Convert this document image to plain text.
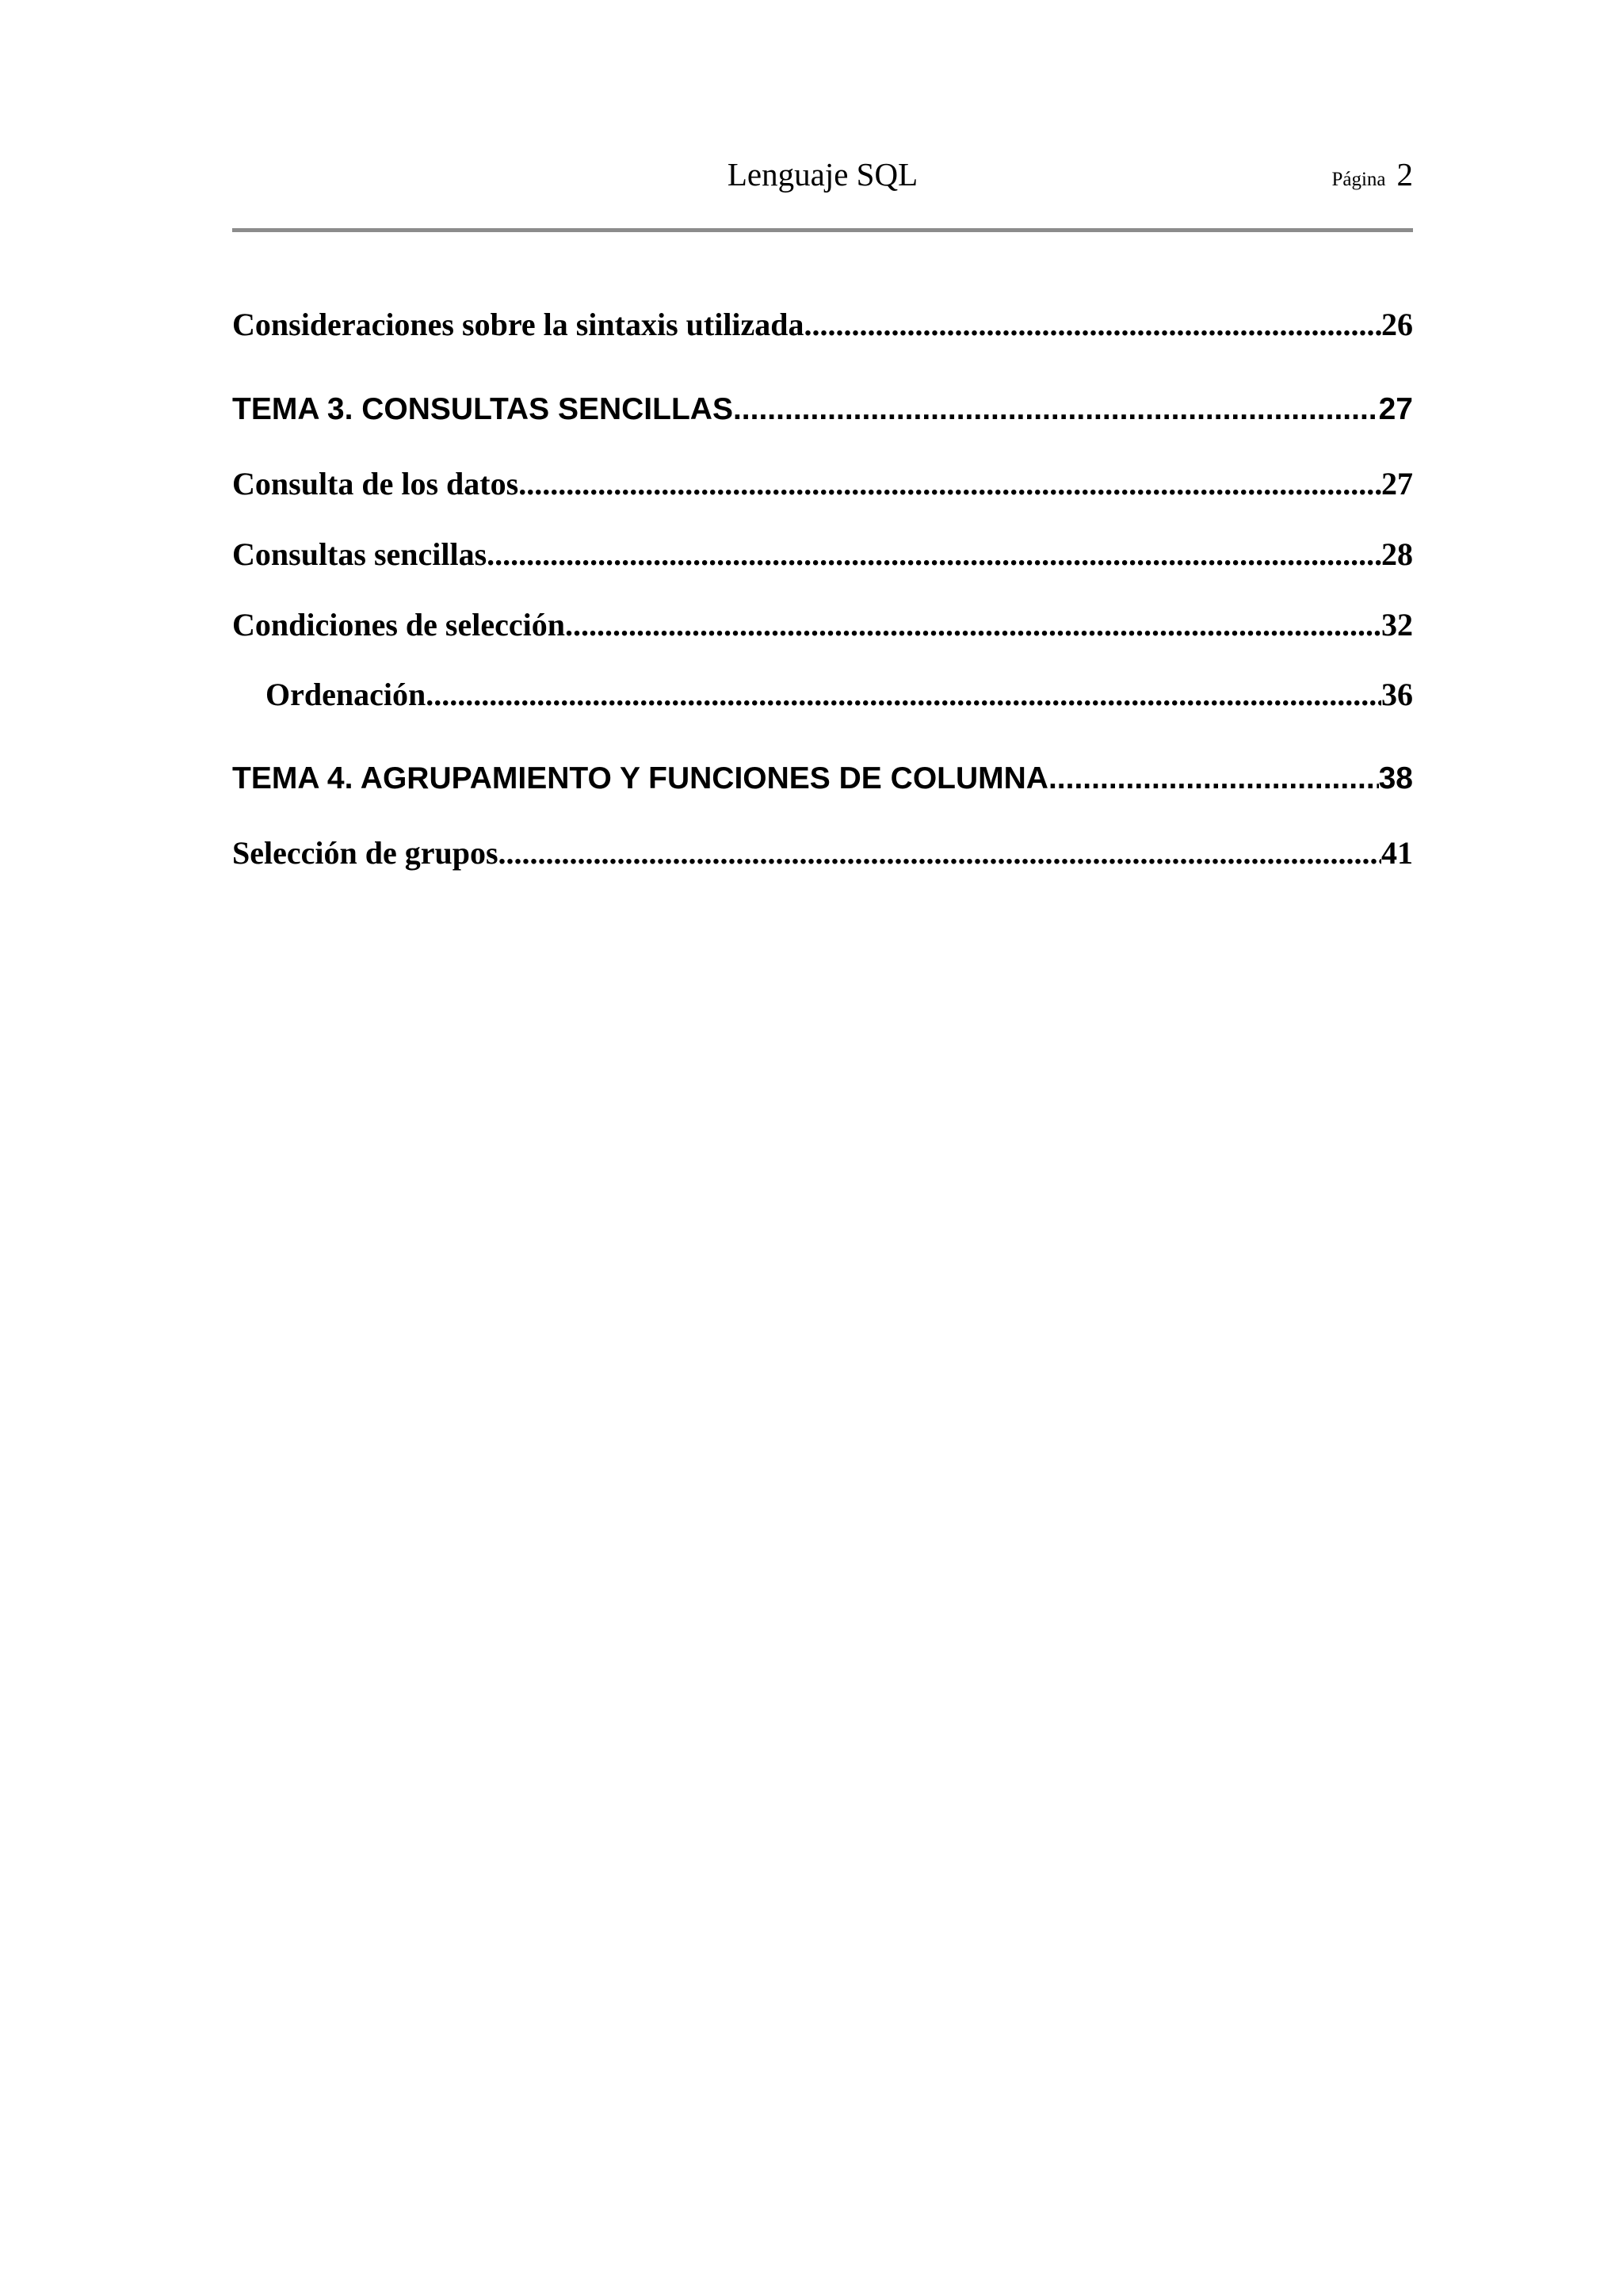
Lenguaje SQL	Página 2
Consideraciones sobre la sintaxis utilizada .....	26
TEMA 3. CONSULTAS SENCILLAS .....	27
Consulta de los datos .....	27
Consultas sencillas .....	28
Condiciones de selección .....	32
Ordenación .....	36
TEMA 4. AGRUPAMIENTO Y FUNCIONES DE COLUMNA .....	38
Selección de grupos .....	41
